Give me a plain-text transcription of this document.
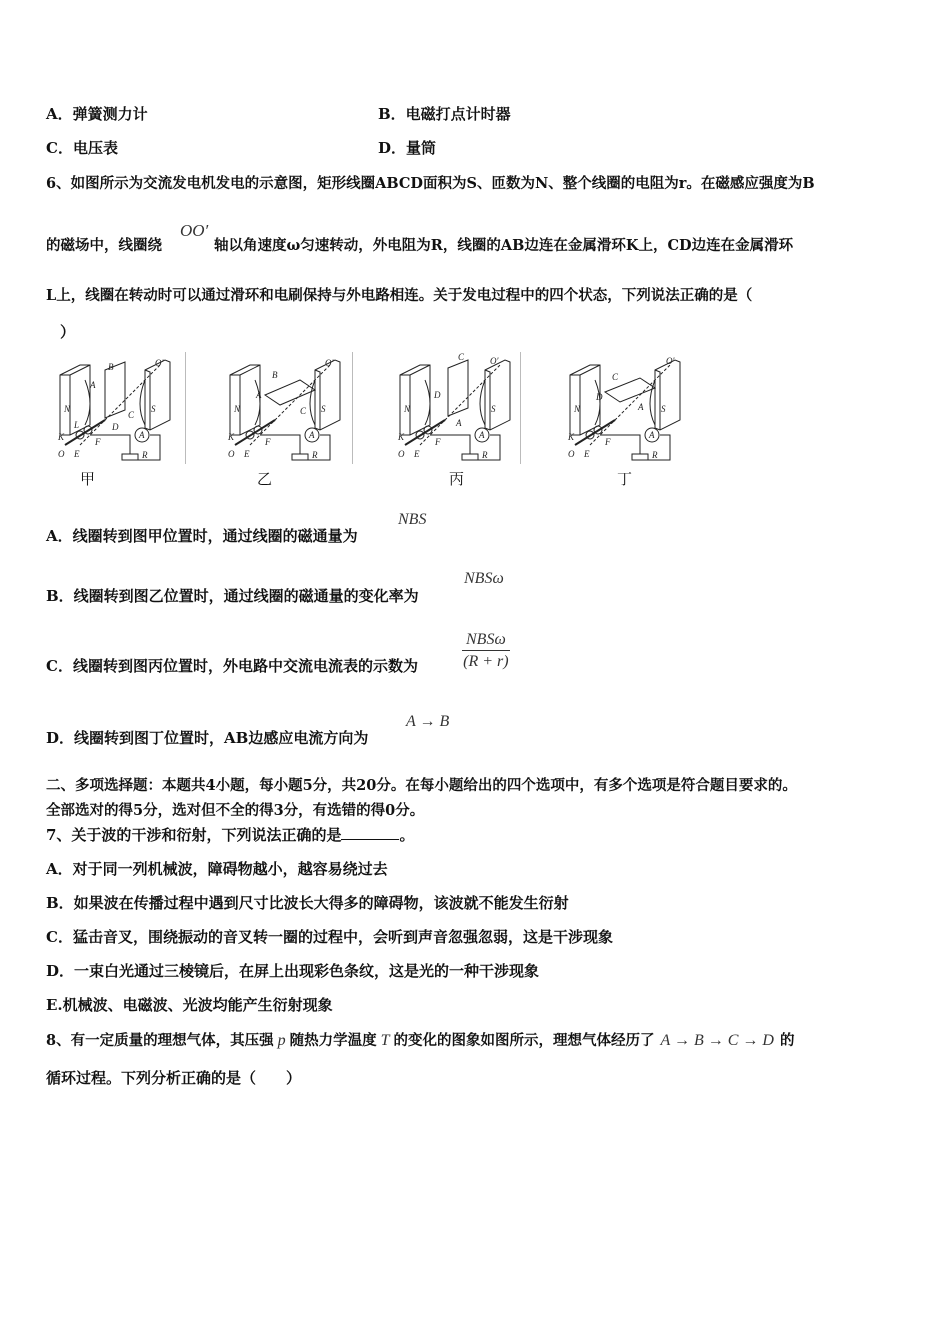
A．弹簧测力计	B．电磁打点计时器
C．电压表	D．量筒
6、如图所示为交流发电机发电的示意图，矩形线圈ABCD面积为S、匝数为N、整个线圈的电阻为r。在磁感应强度为B
的磁场中，线圈绕	轴以角速度ω匀速转动，外电阻为R，线圈的AB边连在金属滑环K上，CD边连在金属滑环
OO′
L上，线圈在转动时可以通过滑环和电刷保持与外电路相连。关于发电过程中的四个状态，下列说法正确的是（
）
N	S
B
A
C
D
O′
O E
F
K
L
A
R
N	S
B
A
C
O′
O E
F
K	A
R
N	S
C
D
A
O′
O E
F
K	A
R
N	S
C
D
A
O′
O E
F
K	A
R
甲	乙	丙	丁
A．线圈转到图甲位置时，通过线圈的磁通量为
NBS
B．线圈转到图乙位置时，通过线圈的磁通量的变化率为
NBSω
C．线圈转到图丙位置时，外电路中交流电流表的示数为
NBSω
(R + r)
D．线圈转到图丁位置时，AB边感应电流方向为
A → B
二、多项选择题：本题共4小题，每小题5分，共20分。在每小题给出的四个选项中，有多个选项是符合题目要求的。
全部选对的得5分，选对但不全的得3分，有选错的得0分。
7、关于波的干涉和衍射，下列说法正确的是	。
A．对于同一列机械波，障碍物越小，越容易绕过去
B．如果波在传播过程中遇到尺寸比波长大得多的障碍物，该波就不能发生衍射
C．猛击音叉，围绕振动的音叉转一圈的过程中，会听到声音忽强忽弱，这是干涉现象
D．一束白光通过三棱镜后，在屏上出现彩色条纹，这是光的一种干涉现象
E.机械波、电磁波、光波均能产生衍射现象
8、有一定质量的理想气体，其压强 p 随热力学温度 T 的变化的图象如图所示，理想气体经历了 A → B → C → D 的
循环过程。下列分析正确的是（　　）
